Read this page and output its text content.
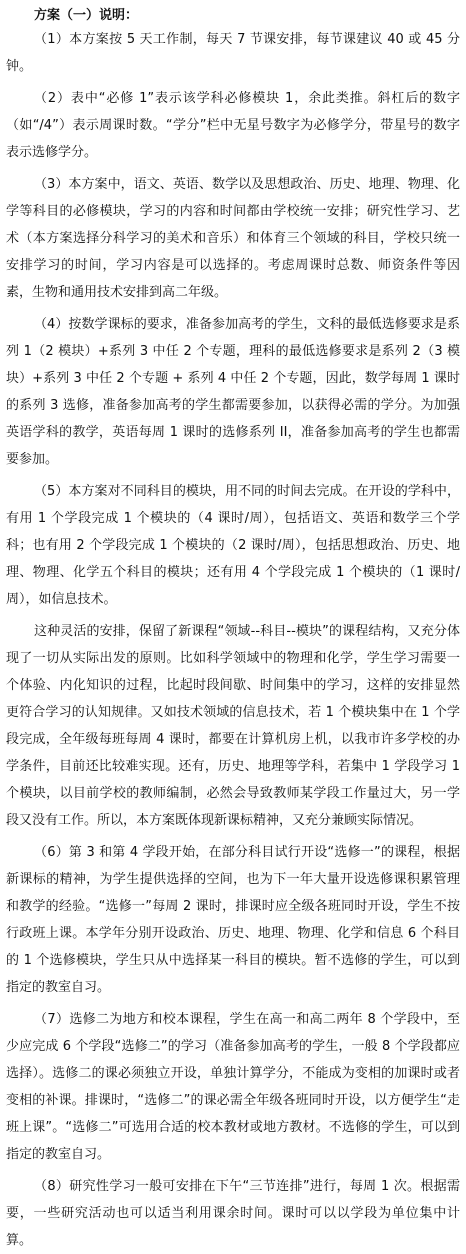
方案（一）说明：

（1）本方案按 5 天工作制，每天 7 节课安排，每节课建议 40 或 45 分钟。

（2）表中“必修 1”表示该学科必修模块 1，余此类推。斜杠后的数字（如“/4”）表示周课时数。“学分”栏中无星号数字为必修学分，带星号的数字表示选修学分。

（3）本方案中，语文、英语、数学以及思想政治、历史、地理、物理、化学等科目的必修模块，学习的内容和时间都由学校统一安排；研究性学习、艺术（本方案选择分科学习的美术和音乐）和体育三个领域的科目，学校只统一安排学习的时间，学习内容是可以选择的。考虑周课时总数、师资条件等因素，生物和通用技术安排到高二年级。

（4）按数学课标的要求，准备参加高考的学生，文科的最低选修要求是系列 1（2 模块）+系列 3 中任 2 个专题，理科的最低选修要求是系列 2（3 模块）+系列 3 中任 2 个专题 + 系列 4 中任 2 个专题，因此，数学每周 1 课时的系列 3 选修，准备参加高考的学生都需要参加，以获得必需的学分。为加强英语学科的教学，英语每周 1 课时的选修系列 II，准备参加高考的学生也都需要参加。

（5）本方案对不同科目的模块，用不同的时间去完成。在开设的学科中，有用 1 个学段完成 1 个模块的（4 课时/周），包括语文、英语和数学三个学科；也有用 2 个学段完成 1 个模块的（2 课时/周），包括思想政治、历史、地理、物理、化学五个科目的模块；还有用 4 个学段完成 1 个模块的（1 课时/周），如信息技术。

这种灵活的安排，保留了新课程“领域--科目--模块”的课程结构，又充分体现了一切从实际出发的原则。比如科学领域中的物理和化学，学生学习需要一个体验、内化知识的过程，比起时段间歇、时间集中的学习，这样的安排显然更符合学习的认知规律。又如技术领域的信息技术，若 1 个模块集中在 1 个学段完成，全年级每班每周 4 课时，都要在计算机房上机，以我市许多学校的办学条件，目前还比较难实现。还有，历史、地理等学科，若集中 1 学段学习 1 个模块，以目前学校的教师编制，必然会导致教师某学段工作量过大，另一学段又没有工作。所以，本方案既体现新课标精神，又充分兼顾实际情况。

（6）第 3 和第 4 学段开始，在部分科目试行开设“选修一”的课程，根据新课标的精神，为学生提供选择的空间，也为下一年大量开设选修课积累管理和教学的经验。“选修一”每周 2 课时，排课时应全级各班同时开设，学生不按行政班上课。本学年分别开设政治、历史、地理、物理、化学和信息 6 个科目的 1 个选修模块，学生只从中选择某一科目的模块。暂不选修的学生，可以到指定的教室自习。

（7）选修二为地方和校本课程，学生在高一和高二两年 8 个学段中，至少应完成 6 个学段“选修二”的学习（准备参加高考的学生，一般 8 个学段都应选择）。选修二的课必须独立开设，单独计算学分，不能成为变相的加课时或者变相的补课。排课时，“选修二”的课必需全年级各班同时开设，以方便学生“走班上课”。“选修二”可选用合适的校本教材或地方教材。不选修的学生，可以到指定的教室自习。

（8）研究性学习一般可安排在下午“三节连排”进行，每周 1 次。根据需要，一些研究活动也可以适当利用课余时间。课时可以以学段为单位集中计算。
